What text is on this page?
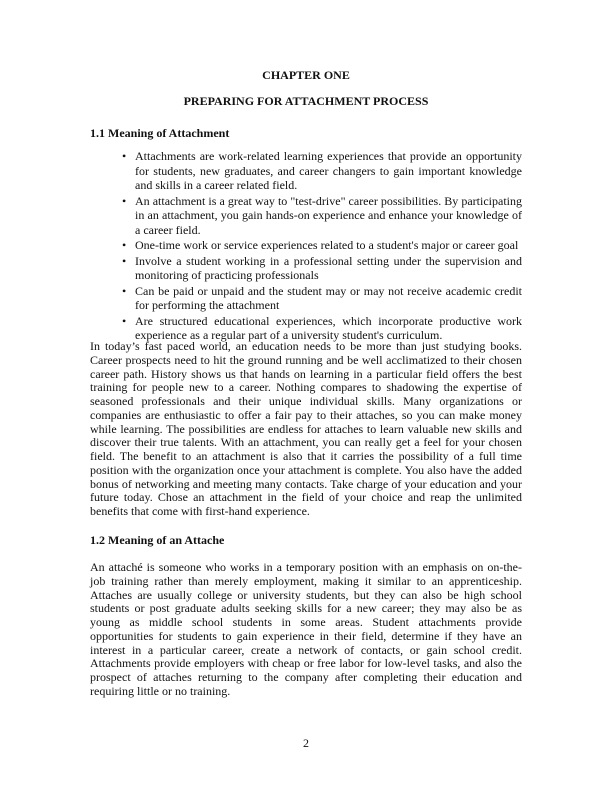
CHAPTER ONE
PREPARING FOR ATTACHMENT PROCESS
1.1 Meaning of Attachment
• Attachments are work-related learning experiences that provide an opportunity for students, new graduates, and career changers to gain important knowledge and skills in a career related field.
• An attachment is a great way to "test-drive" career possibilities. By participating in an attachment, you gain hands-on experience and enhance your knowledge of a career field.
• One-time work or service experiences related to a student's major or career goal
• Involve a student working in a professional setting under the supervision and monitoring of practicing professionals
• Can be paid or unpaid and the student may or may not receive academic credit for performing the attachment
• Are structured educational experiences, which incorporate productive work experience as a regular part of a university student's curriculum.

In today’s fast paced world, an education needs to be more than just studying books. Career prospects need to hit the ground running and be well acclimatized to their chosen career path. History shows us that hands on learning in a particular field offers the best training for people new to a career. Nothing compares to shadowing the expertise of seasoned professionals and their unique individual skills. Many organizations or companies are enthusiastic to offer a fair pay to their attaches, so you can make money while learning. The possibilities are endless for attaches to learn valuable new skills and discover their true talents. With an attachment, you can really get a feel for your chosen field. The benefit to an attachment is also that it carries the possibility of a full time position with the organization once your attachment is complete. You also have the added bonus of networking and meeting many contacts. Take charge of your education and your future today. Chose an attachment in the field of your choice and reap the unlimited benefits that come with first-hand experience.

1.2 Meaning of an Attache

An attaché is someone who works in a temporary position with an emphasis on on-the-job training rather than merely employment, making it similar to an apprenticeship. Attaches are usually college or university students, but they can also be high school students or post graduate adults seeking skills for a new career; they may also be as young as middle school students in some areas. Student attachments provide opportunities for students to gain experience in their field, determine if they have an interest in a particular career, create a network of contacts, or gain school credit. Attachments provide employers with cheap or free labor for low-level tasks, and also the prospect of attaches returning to the company after completing their education and requiring little or no training.

2
